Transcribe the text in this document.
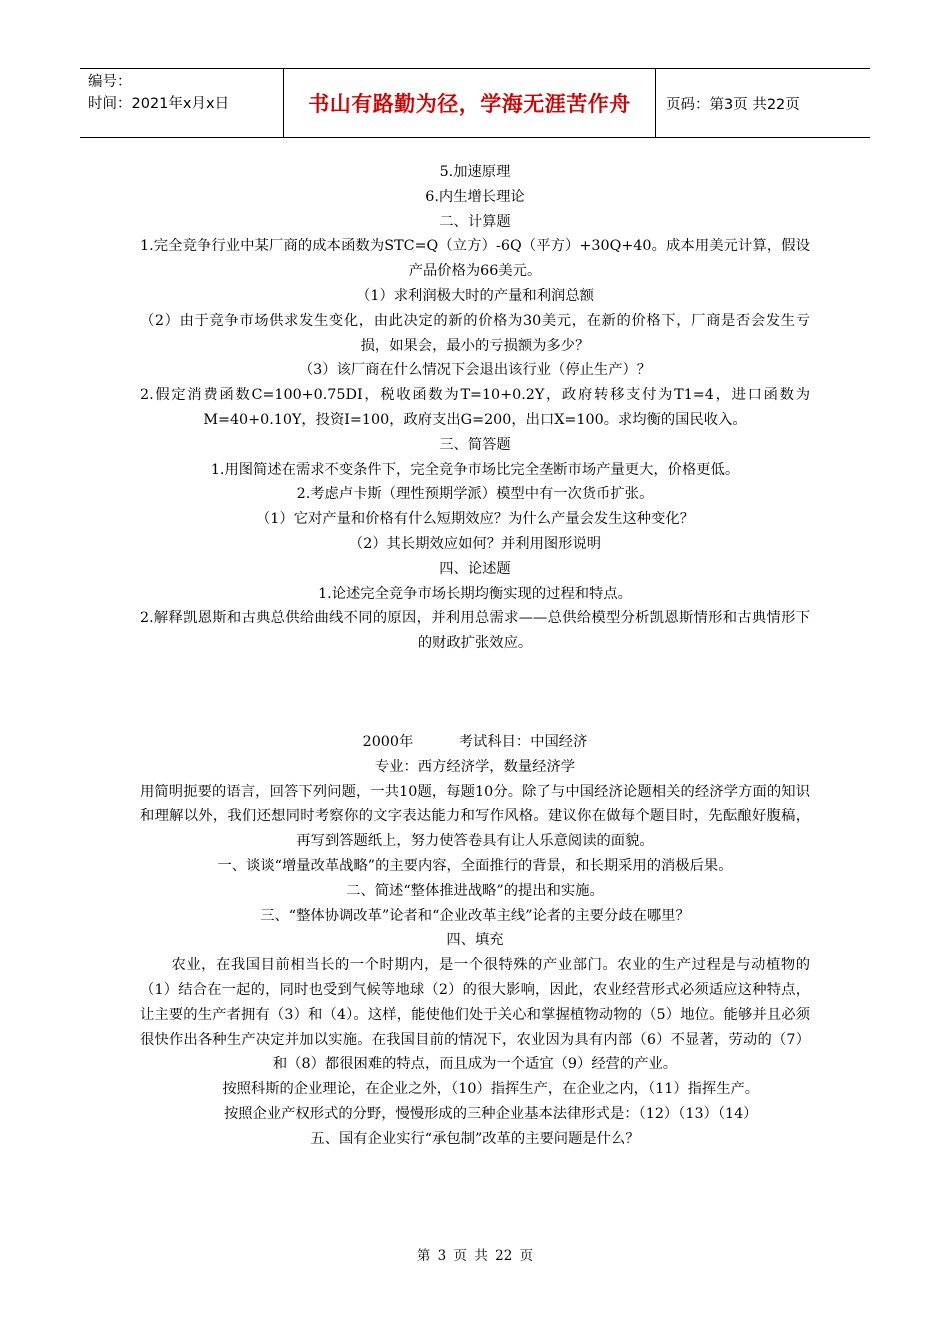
编号：
时间：2021年x月x日	书山有路勤为径，学海无涯苦作舟	页码：第3页 共22页

5.加速原理

6.内生增长理论

二、计算题

1.完全竞争行业中某厂商的成本函数为STC=Q（立方）-6Q（平方）+30Q+40。成本用美元计算，假设产品价格为66美元。

（1）求利润极大时的产量和利润总额

（2）由于竞争市场供求发生变化，由此决定的新的价格为30美元，在新的价格下，厂商是否会发生亏损，如果会，最小的亏损额为多少？

（3）该厂商在什么情况下会退出该行业（停止生产）？

2.假定消费函数C=100+0.75DI，税收函数为T=10+0.2Y，政府转移支付为T1=4，进口函数为M=40+0.10Y，投资I=100，政府支出G=200，出口X=100。求均衡的国民收入。

三、简答题

1.用图简述在需求不变条件下，完全竞争市场比完全垄断市场产量更大，价格更低。

2.考虑卢卡斯（理性预期学派）模型中有一次货币扩张。

（1）它对产量和价格有什么短期效应？为什么产量会发生这种变化？

（2）其长期效应如何？并利用图形说明

四、论述题

1.论述完全竞争市场长期均衡实现的过程和特点。

2.解释凯恩斯和古典总供给曲线不同的原因，并利用总需求——总供给模型分析凯恩斯情形和古典情形下的财政扩张效应。

2000年          考试科目：中国经济

专业：西方经济学，数量经济学

用简明扼要的语言，回答下列问题，一共10题，每题10分。除了与中国经济论题相关的经济学方面的知识和理解以外，我们还想同时考察你的文字表达能力和写作风格。建议你在做每个题目时，先酝酿好腹稿，再写到答题纸上，努力使答卷具有让人乐意阅读的面貌。

一、谈谈“增量改革战略”的主要内容，全面推行的背景，和长期采用的消极后果。

二、简述“整体推进战略”的提出和实施。

三、“整体协调改革”论者和“企业改革主线”论者的主要分歧在哪里？

四、填充

农业，在我国目前相当长的一个时期内，是一个很特殊的产业部门。农业的生产过程是与动植物的（1）结合在一起的，同时也受到气候等地球（2）的很大影响，因此，农业经营形式必须适应这种特点，让主要的生产者拥有（3）和（4）。这样，能使他们处于关心和掌握植物动物的（5）地位。能够并且必须很快作出各种生产决定并加以实施。在我国目前的情况下，农业因为具有内部（6）不显著，劳动的（7）和（8）都很困难的特点，而且成为一个适宜（9）经营的产业。

按照科斯的企业理论，在企业之外，（10）指挥生产，在企业之内，（11）指挥生产。

按照企业产权形式的分野，慢慢形成的三种企业基本法律形式是：（12）（13）（14）

五、国有企业实行“承包制”改革的主要问题是什么？

第 3 页 共 22 页
